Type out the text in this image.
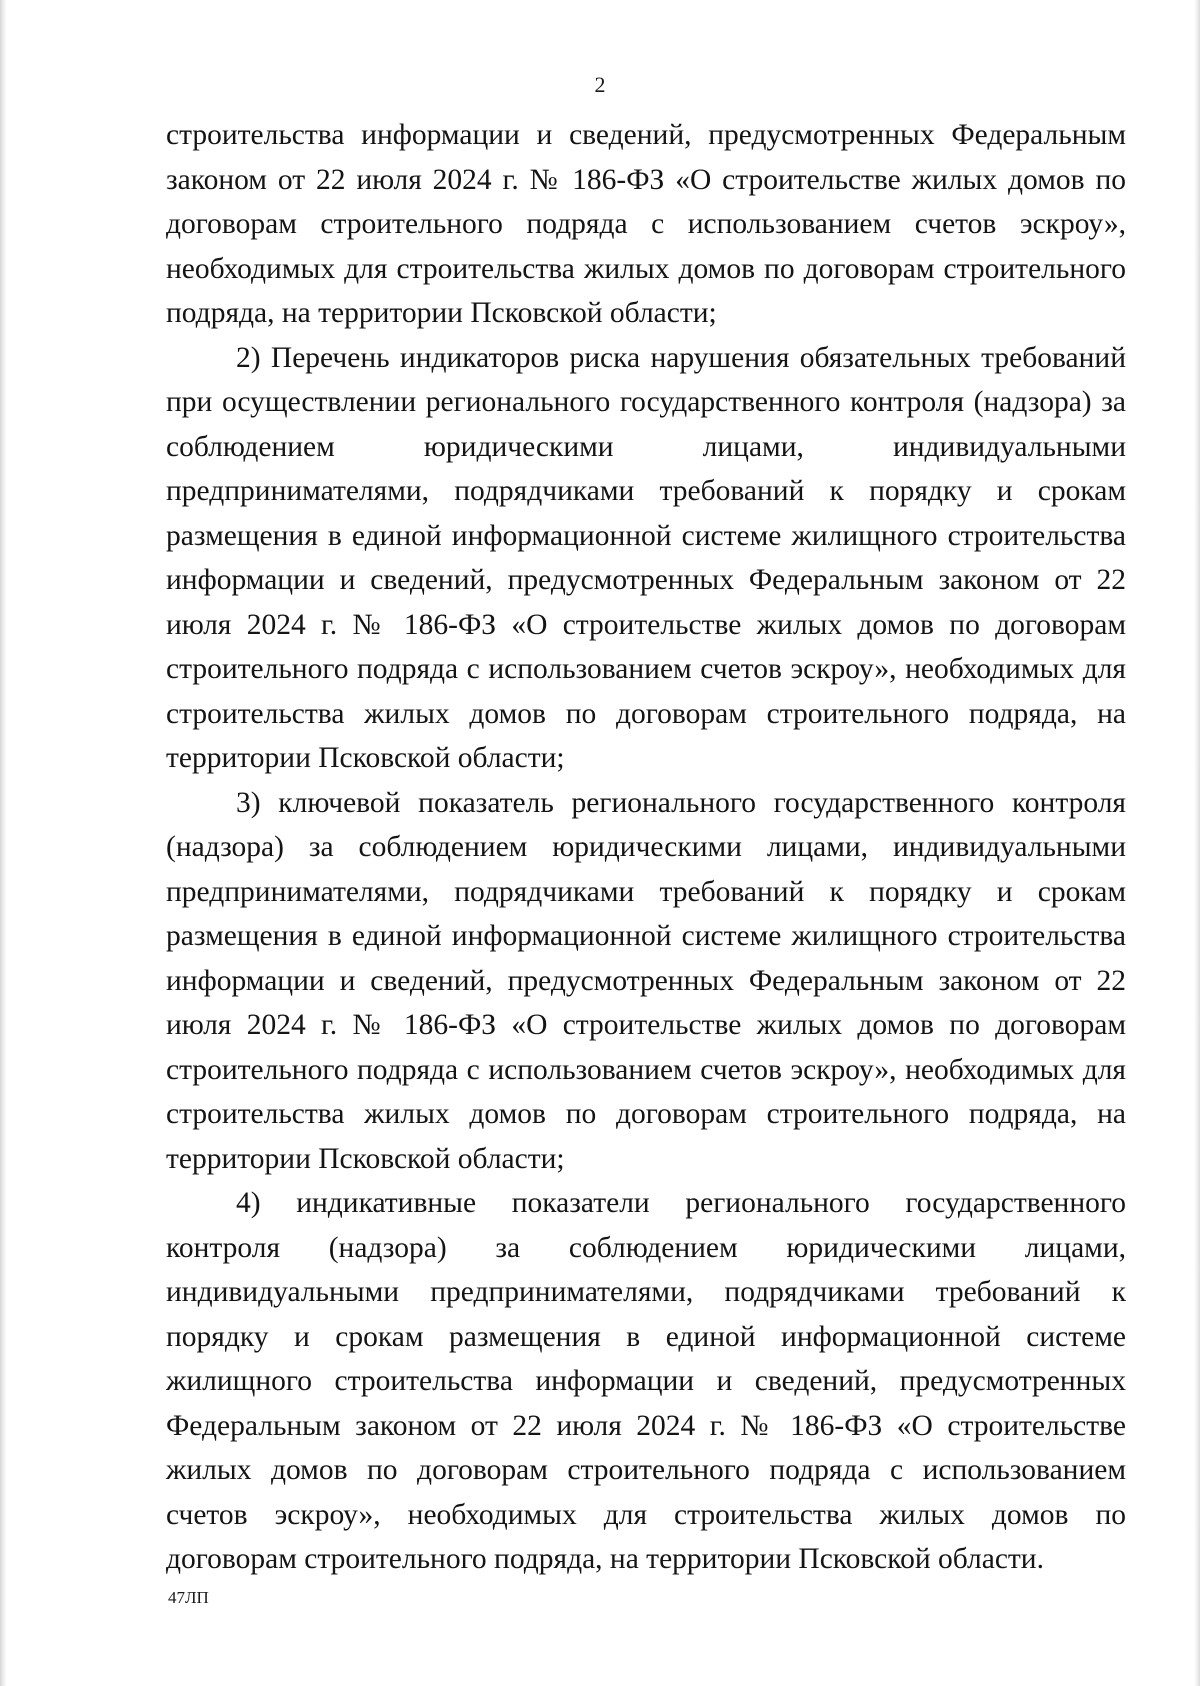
2

строительства информации и сведений, предусмотренных Федеральным законом от 22 июля 2024 г. № 186-ФЗ «О строительстве жилых домов по договорам строительного подряда с использованием счетов эскроу», необходимых для строительства жилых домов по договорам строительного подряда, на территории Псковской области;

2) Перечень индикаторов риска нарушения обязательных требований при осуществлении регионального государственного контроля (надзора) за соблюдением юридическими лицами, индивидуальными предпринимателями, подрядчиками требований к порядку и срокам размещения в единой информационной системе жилищного строительства информации и сведений, предусмотренных Федеральным законом от 22 июля 2024 г. № 186-ФЗ «О строительстве жилых домов по договорам строительного подряда с использованием счетов эскроу», необходимых для строительства жилых домов по договорам строительного подряда, на территории Псковской области;

3) ключевой показатель регионального государственного контроля (надзора) за соблюдением юридическими лицами, индивидуальными предпринимателями, подрядчиками требований к порядку и срокам размещения в единой информационной системе жилищного строительства информации и сведений, предусмотренных Федеральным законом от 22 июля 2024 г. № 186-ФЗ «О строительстве жилых домов по договорам строительного подряда с использованием счетов эскроу», необходимых для строительства жилых домов по договорам строительного подряда, на территории Псковской области;

4) индикативные показатели регионального государственного контроля (надзора) за соблюдением юридическими лицами, индивидуальными предпринимателями, подрядчиками требований к порядку и срокам размещения в единой информационной системе жилищного строительства информации и сведений, предусмотренных Федеральным законом от 22 июля 2024 г. № 186-ФЗ «О строительстве жилых домов по договорам строительного подряда с использованием счетов эскроу», необходимых для строительства жилых домов по договорам строительного подряда, на территории Псковской области.

47ЛП
